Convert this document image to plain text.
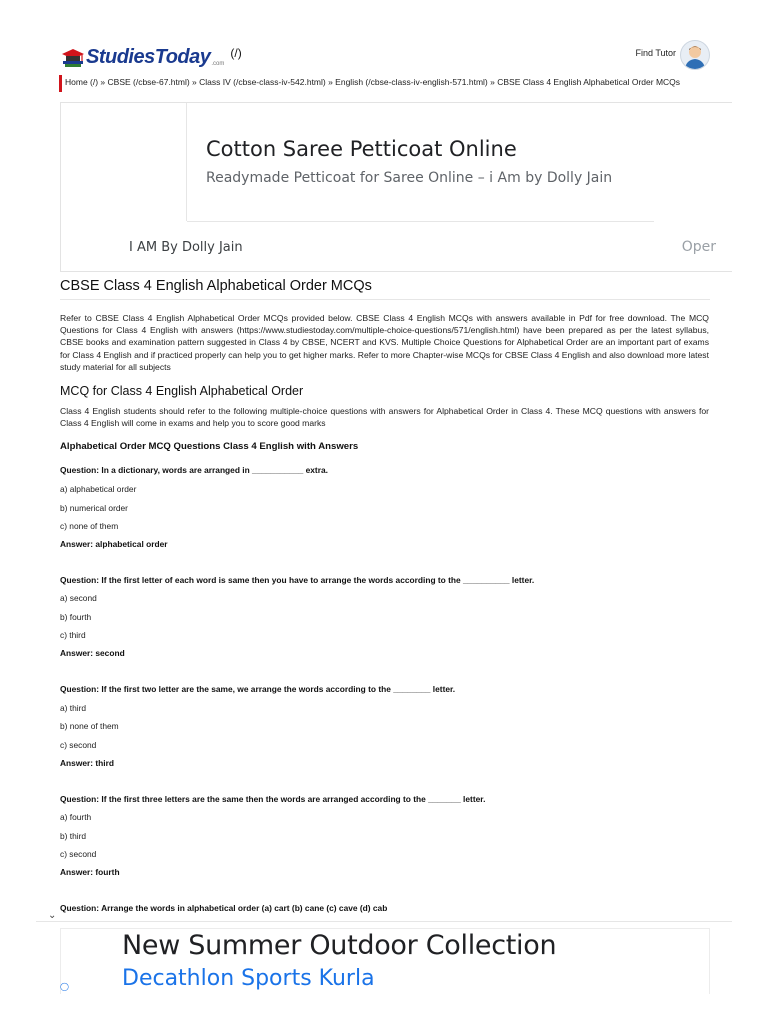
StudiesToday .com
(/)	Find Tutor
Home (/) » CBSE (/cbse-67.html) » Class IV (/cbse-class-iv-542.html) » English (/cbse-class-iv-english-571.html) » CBSE Class 4 English Alphabetical Order MCQs
Cotton Saree Petticoat Online
Readymade Petticoat for Saree Online – i Am by Dolly Jain
I AM By Dolly Jain	Oper
CBSE Class 4 English Alphabetical Order MCQs
Refer to CBSE Class 4 English Alphabetical Order MCQs provided below. CBSE Class 4 English MCQs with answers available in Pdf for free download. The MCQ Questions for Class 4 English with answers (https://www.studiestoday.com/multiple-choice-questions/571/english.html) have been prepared as per the latest syllabus, CBSE books and examination pattern suggested in Class 4 by CBSE, NCERT and KVS. Multiple Choice Questions for Alphabetical Order are an important part of exams for Class 4 English and if practiced properly can help you to get higher marks. Refer to more Chapter-wise MCQs for CBSE Class 4 English and also download more latest study material for all subjects
MCQ for Class 4 English Alphabetical Order
Class 4 English students should refer to the following multiple-choice questions with answers for Alphabetical Order in Class 4. These MCQ questions with answers for Class 4 English will come in exams and help you to score good marks
Alphabetical Order MCQ Questions Class 4 English with Answers
Question: In a dictionary, words are arranged in ___________ extra.
a) alphabetical order
b) numerical order
c) none of them
Answer: alphabetical order
Question: If the first letter of each word is same then you have to arrange the words according to the __________ letter.
a) second
b) fourth
c) third
Answer: second
Question: If the first two letter are the same, we arrange the words according to the ________ letter.
a) third
b) none of them
c) second
Answer: third
Question: If the first three letters are the same then the words are arranged according to the _______ letter.
a) fourth
b) third
c) second
Answer: fourth
Question: Arrange the words in alphabetical order (a) cart (b) cane (c) cave (d) cab
⌄
New Summer Outdoor Collection
Decathlon Sports Kurla
◯
